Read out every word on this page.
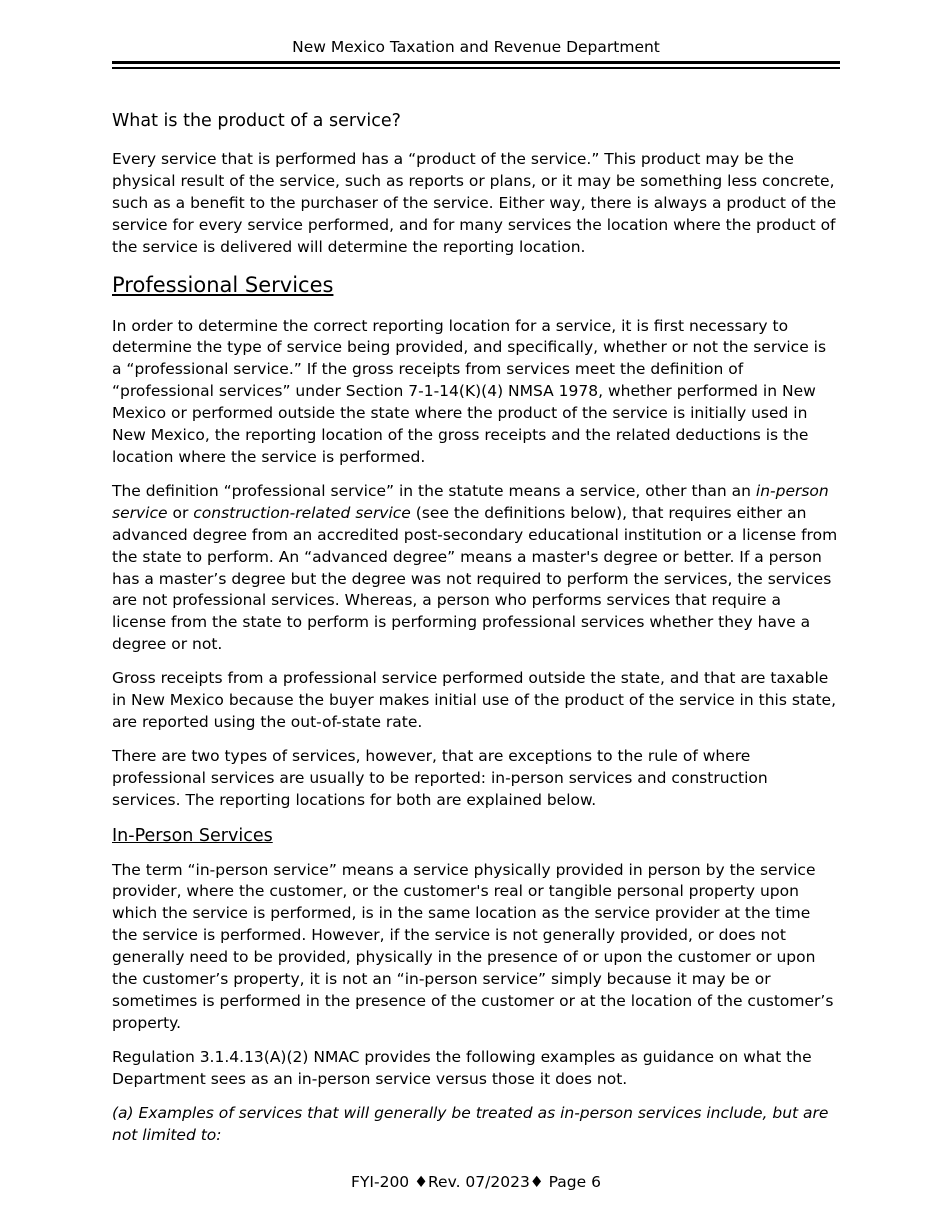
New Mexico Taxation and Revenue Department
What is the product of a service?

Every service that is performed has a “product of the service.” This product may be the physical result of the service, such as reports or plans, or it may be something less concrete, such as a benefit to the purchaser of the service. Either way, there is always a product of the service for every service performed, and for many services the location where the product of the service is delivered will determine the reporting location.

Professional Services

In order to determine the correct reporting location for a service, it is first necessary to determine the type of service being provided, and specifically, whether or not the service is a “professional service.” If the gross receipts from services meet the definition of “professional services” under Section 7-1-14(K)(4) NMSA 1978, whether performed in New Mexico or performed outside the state where the product of the service is initially used in New Mexico, the reporting location of the gross receipts and the related deductions is the location where the service is performed.

The definition “professional service” in the statute means a service, other than an in-person service or construction-related service (see the definitions below), that requires either an advanced degree from an accredited post-secondary educational institution or a license from the state to perform. An “advanced degree” means a master's degree or better. If a person has a master’s degree but the degree was not required to perform the services, the services are not professional services. Whereas, a person who performs services that require a license from the state to perform is performing professional services whether they have a degree or not.

Gross receipts from a professional service performed outside the state, and that are taxable in New Mexico because the buyer makes initial use of the product of the service in this state, are reported using the out-of-state rate.

There are two types of services, however, that are exceptions to the rule of where professional services are usually to be reported: in-person services and construction services. The reporting locations for both are explained below.

In-Person Services

The term “in-person service” means a service physically provided in person by the service provider, where the customer, or the customer's real or tangible personal property upon which the service is performed, is in the same location as the service provider at the time the service is performed. However, if the service is not generally provided, or does not generally need to be provided, physically in the presence of or upon the customer or upon the customer’s property, it is not an “in-person service” simply because it may be or sometimes is performed in the presence of the customer or at the location of the customer’s property.

Regulation 3.1.4.13(A)(2) NMAC provides the following examples as guidance on what the Department sees as an in-person service versus those it does not.

(a) Examples of services that will generally be treated as in-person services include, but are not limited to:

FYI-200 ♦Rev. 07/2023♦ Page 6
